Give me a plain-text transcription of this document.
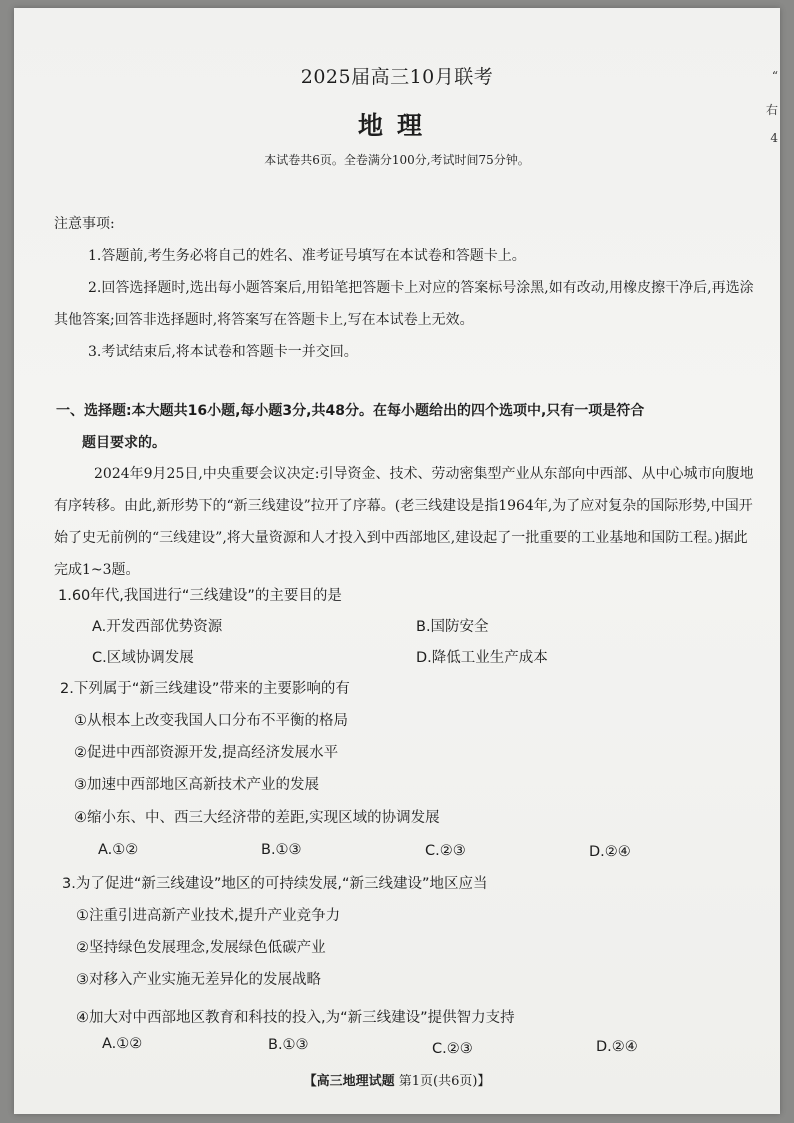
“
右
4
2025届高三10月联考
地理
本试卷共6页。全卷满分100分,考试时间75分钟。

注意事项:

1.答题前,考生务必将自己的姓名、准考证号填写在本试卷和答题卡上。

2.回答选择题时,选出每小题答案后,用铅笔把答题卡上对应的答案标号涂黑,如有改动,用橡皮擦干净后,再选涂其他答案;回答非选择题时,将答案写在答题卡上,写在本试卷上无效。

3.考试结束后,将本试卷和答题卡一并交回。

一、选择题:本大题共16小题,每小题3分,共48分。在每小题给出的四个选项中,只有一项是符合
题目要求的。

2024年9月25日,中央重要会议决定:引导资金、技术、劳动密集型产业从东部向中西部、从中心城市向腹地有序转移。由此,新形势下的“新三线建设”拉开了序幕。(老三线建设是指1964年,为了应对复杂的国际形势,中国开始了史无前例的“三线建设”,将大量资源和人才投入到中西部地区,建设起了一批重要的工业基地和国防工程。)据此完成1~3题。

1.60年代,我国进行“三线建设”的主要目的是
A.开发西部优势资源	B.国防安全
C.区域协调发展	D.降低工业生产成本
2.下列属于“新三线建设”带来的主要影响的有
①从根本上改变我国人口分布不平衡的格局
②促进中西部资源开发,提高经济发展水平
③加速中西部地区高新技术产业的发展
④缩小东、中、西三大经济带的差距,实现区域的协调发展
A.①②	B.①③	C.②③	D.②④
3.为了促进“新三线建设”地区的可持续发展,“新三线建设”地区应当
①注重引进高新产业技术,提升产业竞争力
②坚持绿色发展理念,发展绿色低碳产业
③对移入产业实施无差异化的发展战略
④加大对中西部地区教育和科技的投入,为“新三线建设”提供智力支持
A.①②	B.①③	C.②③	D.②④
【高三地理试题 第1页(共6页)】
